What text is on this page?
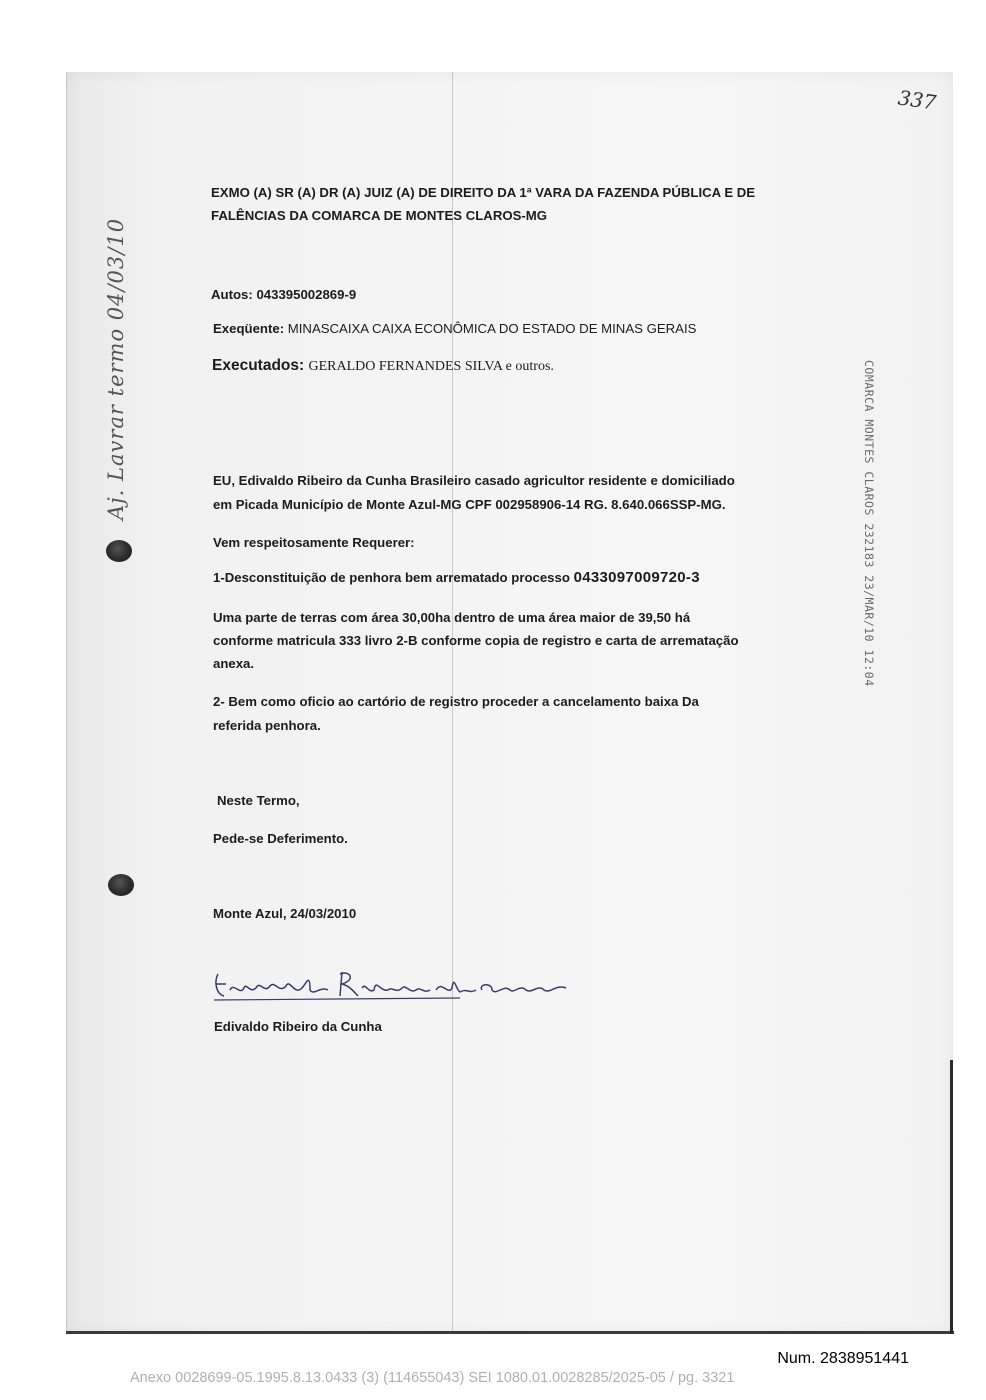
337
Aj. Lavrar termo 04/03/10	COMARCA MONTES CLAROS 232183 23/MAR/10 12:04
EXMO (A) SR (A) DR (A) JUIZ (A) DE DIREITO DA 1ª VARA DA FAZENDA PÚBLICA E DE
FALÊNCIAS DA COMARCA DE MONTES CLAROS-MG
Autos: 043395002869-9
Exeqüente: MINASCAIXA CAIXA ECONÔMICA DO ESTADO DE MINAS GERAIS
Executados: GERALDO FERNANDES SILVA e outros.
EU, Edivaldo Ribeiro da Cunha Brasileiro casado agricultor residente e domiciliado
em Picada Município de Monte Azul-MG CPF 002958906-14 RG. 8.640.066SSP-MG.
Vem respeitosamente Requerer:
1-Desconstituição de penhora bem arrematado processo 0433097009720-3
Uma parte de terras com área 30,00ha dentro de uma área maior de 39,50 há
conforme matricula 333 livro 2-B conforme copia de registro e carta de arrematação
anexa.
2- Bem como oficio ao cartório de registro proceder a cancelamento baixa Da
referida penhora.
Neste Termo,
Pede-se Deferimento.
Monte Azul, 24/03/2010
Edivaldo Ribeiro da Cunha
Num. 2838951441
Anexo 0028699-05.1995.8.13.0433 (3) (114655043) SEI 1080.01.0028285/2025-05 / pg. 3321
